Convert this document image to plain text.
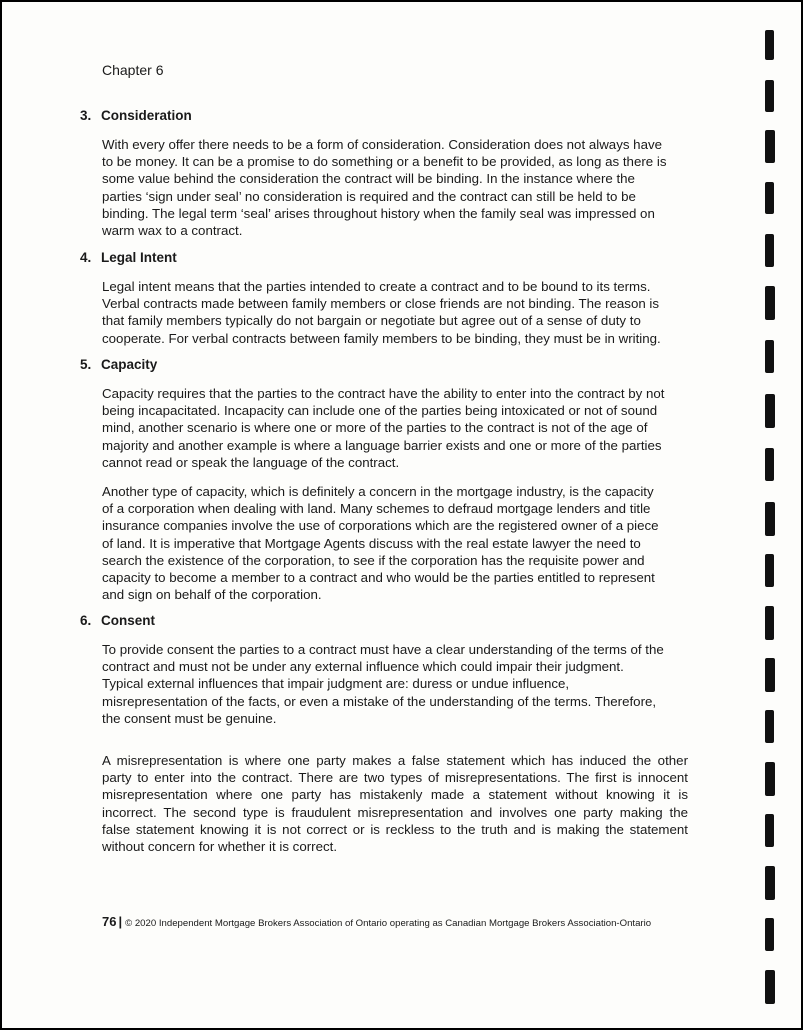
Chapter 6
3. Consideration
With every offer there needs to be a form of consideration. Consideration does not always have
to be money. It can be a promise to do something or a benefit to be provided, as long as there is
some value behind the consideration the contract will be binding. In the instance where the
parties ‘sign under seal’ no consideration is required and the contract can still be held to be
binding. The legal term ‘seal’ arises throughout history when the family seal was impressed on
warm wax to a contract.
4. Legal Intent
Legal intent means that the parties intended to create a contract and to be bound to its terms.
Verbal contracts made between family members or close friends are not binding. The reason is
that family members typically do not bargain or negotiate but agree out of a sense of duty to
cooperate. For verbal contracts between family members to be binding, they must be in writing.
5. Capacity
Capacity requires that the parties to the contract have the ability to enter into the contract by not
being incapacitated. Incapacity can include one of the parties being intoxicated or not of sound
mind, another scenario is where one or more of the parties to the contract is not of the age of
majority and another example is where a language barrier exists and one or more of the parties
cannot read or speak the language of the contract.
Another type of capacity, which is definitely a concern in the mortgage industry, is the capacity
of a corporation when dealing with land. Many schemes to defraud mortgage lenders and title
insurance companies involve the use of corporations which are the registered owner of a piece
of land. It is imperative that Mortgage Agents discuss with the real estate lawyer the need to
search the existence of the corporation, to see if the corporation has the requisite power and
capacity to become a member to a contract and who would be the parties entitled to represent
and sign on behalf of the corporation.
6. Consent
To provide consent the parties to a contract must have a clear understanding of the terms of the
contract and must not be under any external influence which could impair their judgment.
Typical external influences that impair judgment are: duress or undue influence,
misrepresentation of the facts, or even a mistake of the understanding of the terms. Therefore,
the consent must be genuine.
A misrepresentation is where one party makes a false statement which has induced the other
party to enter into the contract. There are two types of misrepresentations. The first is innocent
misrepresentation where one party has mistakenly made a statement without knowing it is
incorrect. The second type is fraudulent misrepresentation and involves one party making the
false statement knowing it is not correct or is reckless to the truth and is making the statement
without concern for whether it is correct.
76 | © 2020 Independent Mortgage Brokers Association of Ontario operating as Canadian Mortgage Brokers Association-Ontario
